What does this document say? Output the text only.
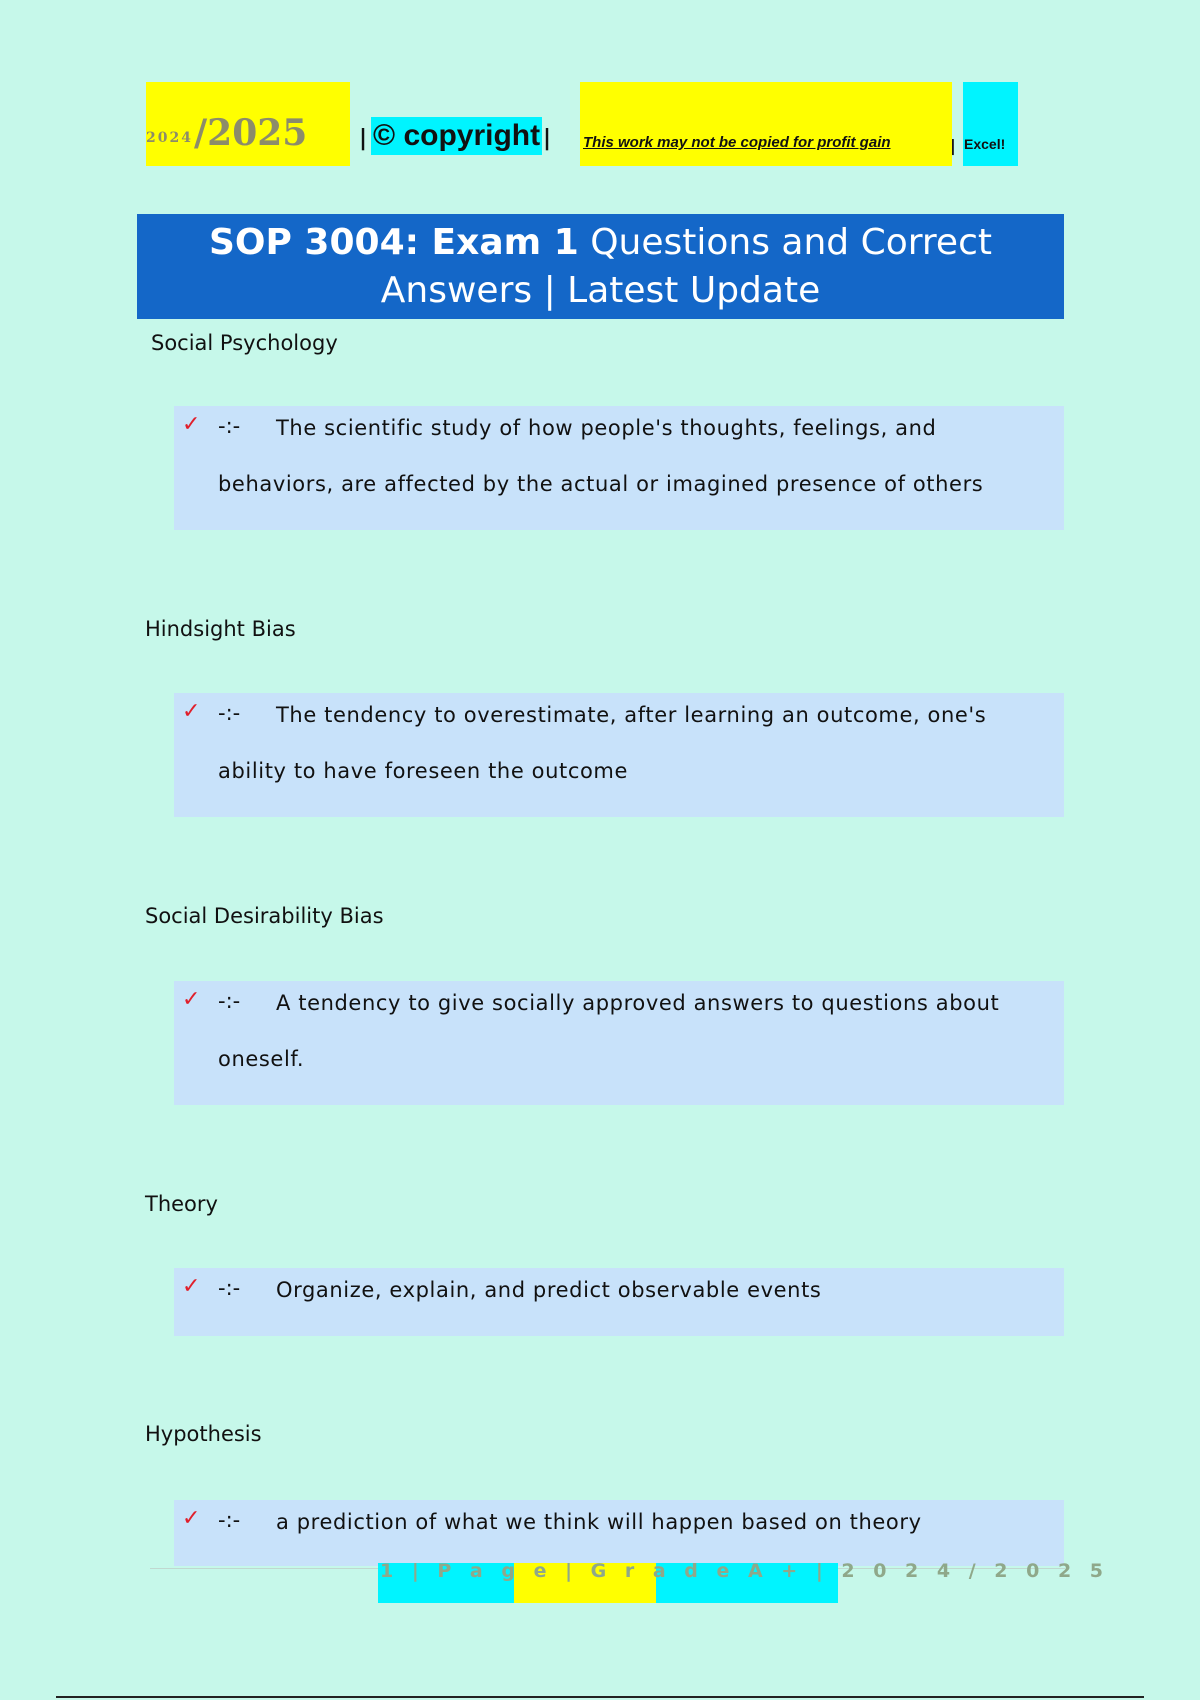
2024 /2025 | © copyright | This work may not be copied for profit gain	| Excel!
SOP 3004: Exam 1 Questions and Correct Answers | Latest Update
Social Psychology
✓ -:-	The scientific study of how people's thoughts, feelings, and behaviors, are affected by the actual or imagined presence of others
Hindsight Bias
✓ -:-	The tendency to overestimate, after learning an outcome, one's ability to have foreseen the outcome
Social Desirability Bias
✓ -:-	A tendency to give socially approved answers to questions about oneself.
Theory
✓ -:-	Organize, explain, and predict observable events
Hypothesis
✓ -:-	a prediction of what we think will happen based on theory
1 | P a g e | G r a d e A + | 2 0 2 4 / 2 0 2 5
